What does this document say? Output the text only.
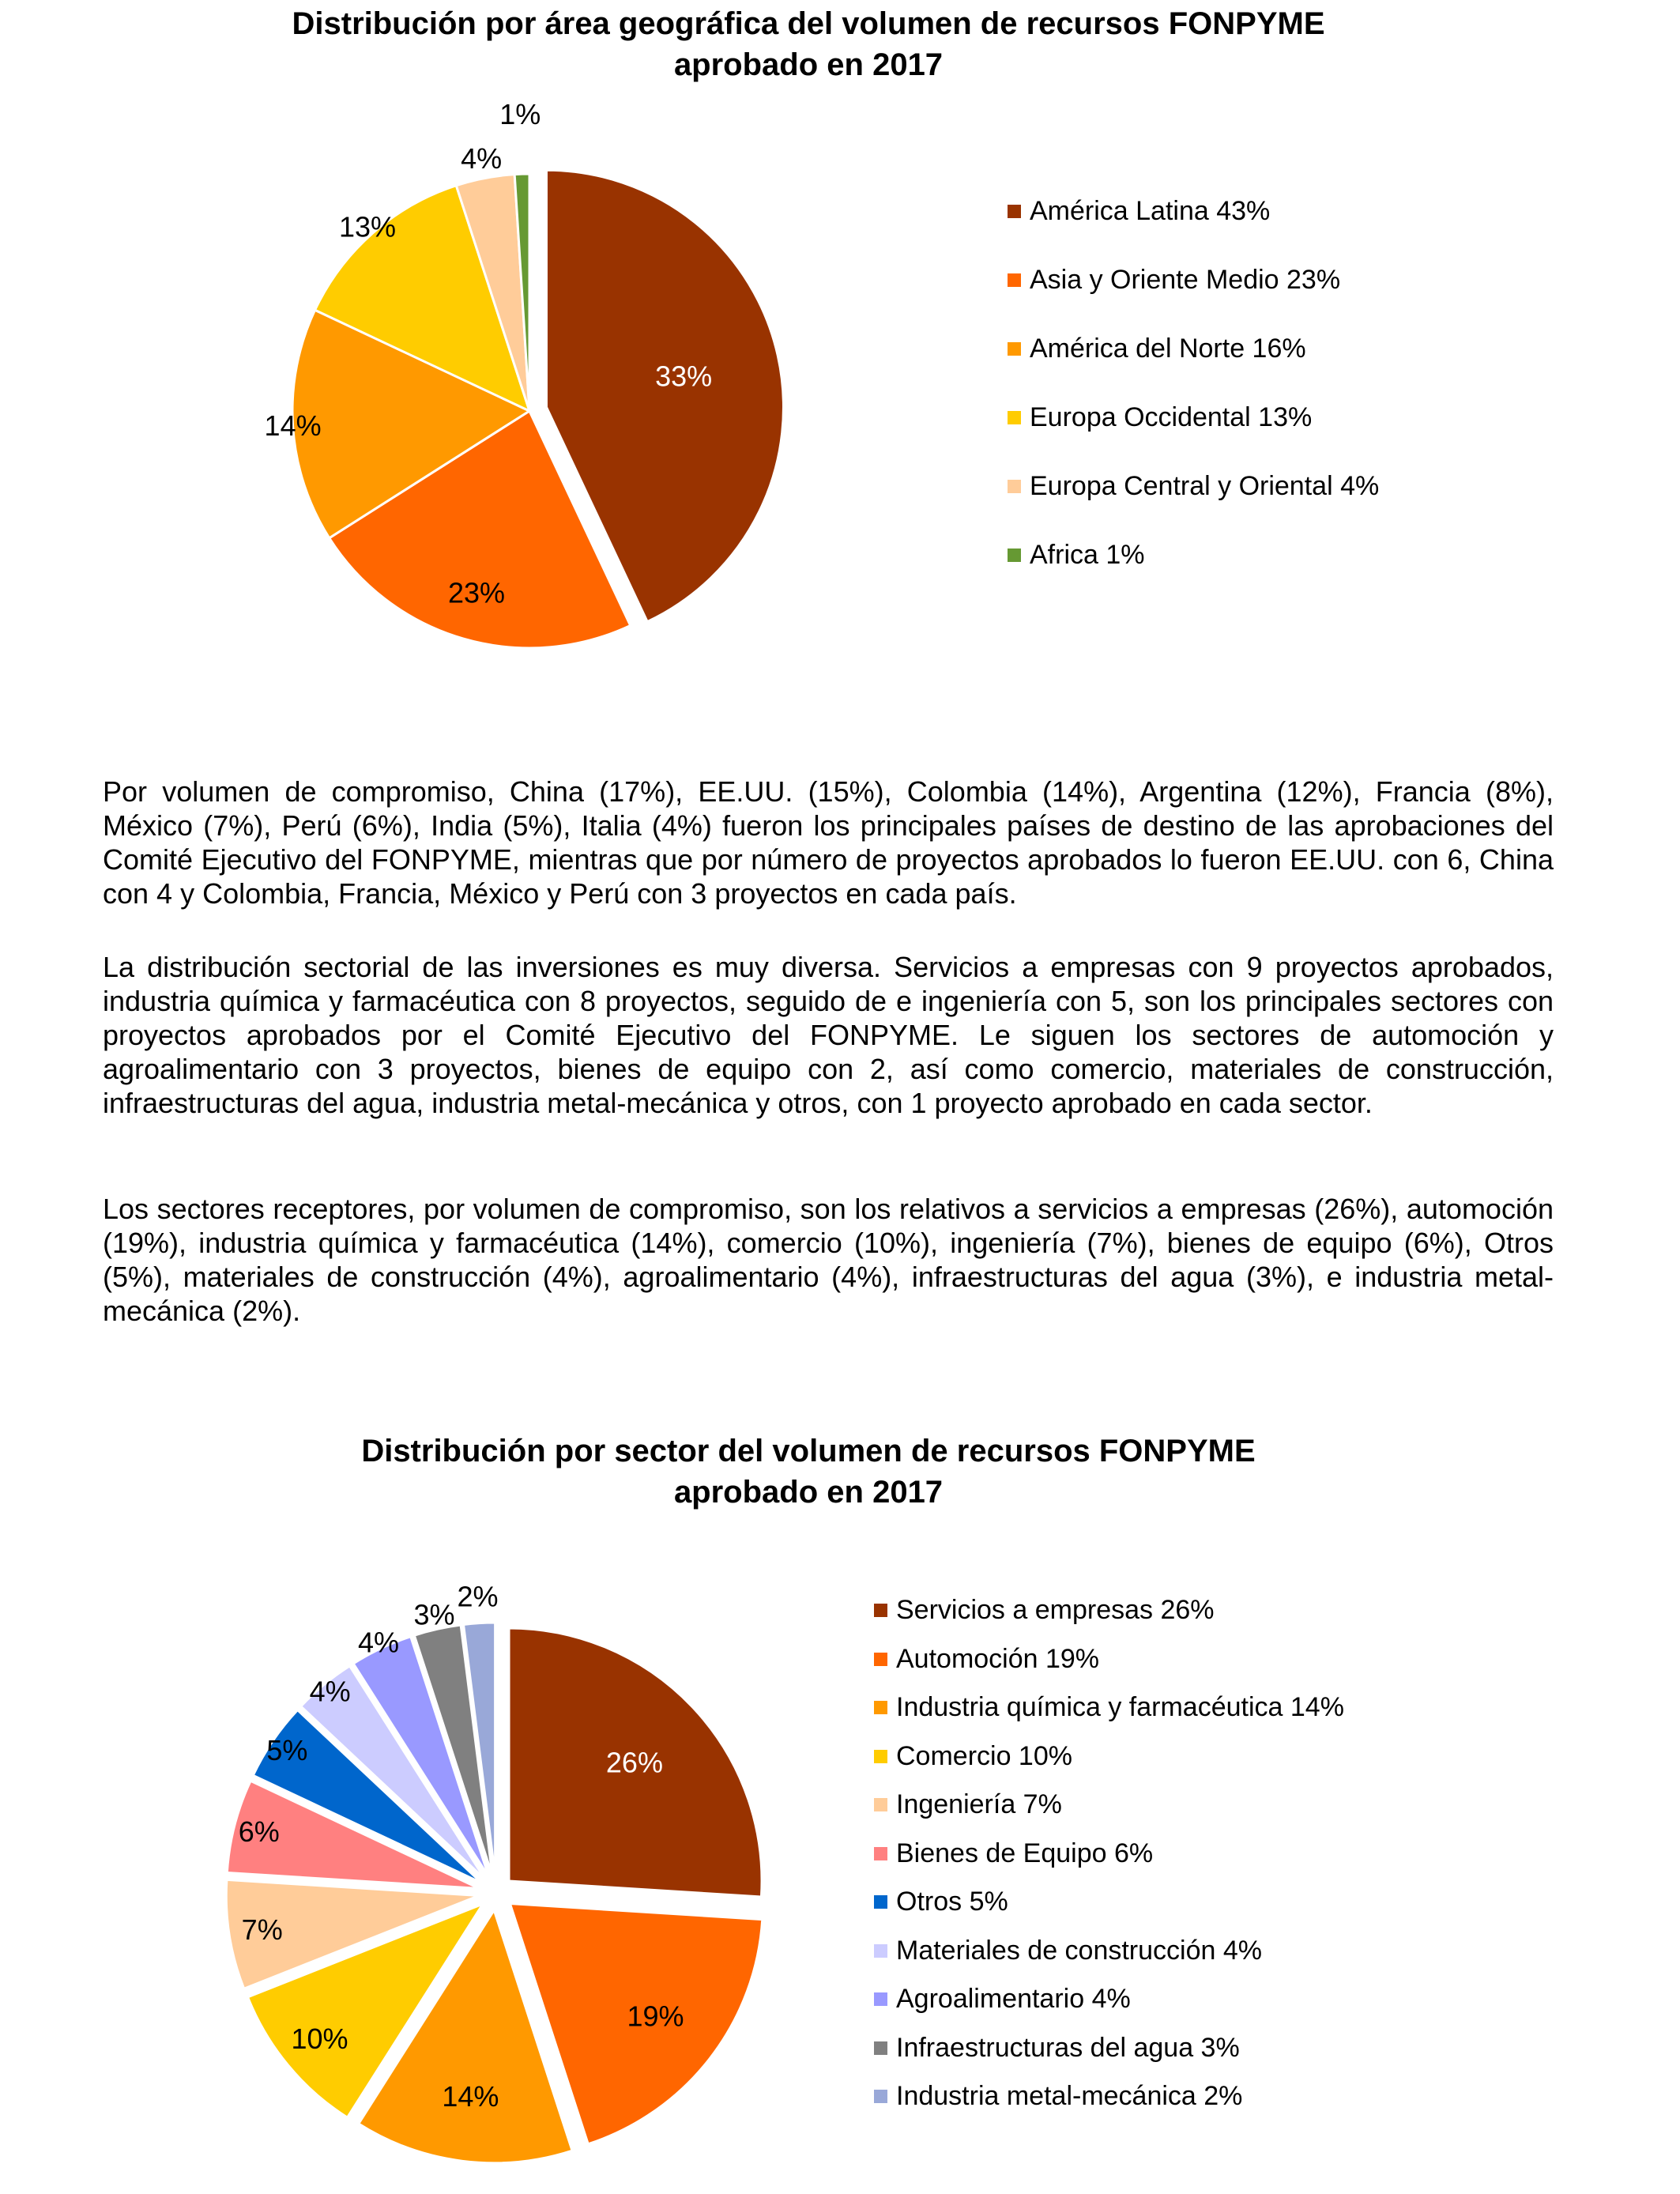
Distribución por área geográfica del volumen de recursos FONPYME
aprobado en 2017
33%
23%
14%
13%
4%
1%
América Latina 43%
Asia y Oriente Medio 23%
América del Norte 16%
Europa Occidental 13%
Europa Central y Oriental 4%
Africa 1%
Por volumen de compromiso, China (17%), EE.UU. (15%), Colombia (14%), Argentina (12%), Francia (8%), México (7%), Perú (6%), India (5%), Italia (4%) fueron los principales países de destino de las aprobaciones del Comité Ejecutivo del FONPYME, mientras que por número de proyectos aprobados lo fueron EE.UU. con 6, China con 4 y Colombia, Francia, México y Perú con 3 proyectos en cada país.
La distribución sectorial de las inversiones es muy diversa. Servicios a empresas con 9 proyectos aprobados, industria química y farmacéutica con 8 proyectos, seguido de e ingeniería con 5, son los principales sectores con proyectos aprobados por el Comité Ejecutivo del FONPYME. Le siguen los sectores de automoción y agroalimentario con 3 proyectos, bienes de equipo con 2, así como comercio, materiales de construcción, infraestructuras del agua, industria metal-mecánica y otros, con 1 proyecto aprobado en cada sector.
Los sectores receptores, por volumen de compromiso, son los relativos a servicios a empresas (26%), automoción (19%), industria química y farmacéutica (14%), comercio (10%), ingeniería (7%), bienes de equipo (6%), Otros (5%), materiales de construcción (4%), agroalimentario (4%), infraestructuras del agua (3%), e industria metal-mecánica (2%).
Distribución por sector del volumen de recursos FONPYME
aprobado en 2017
26%
19%
14%
10%
7%
6%
5%
4%
4%
3%
2%	Servicios a empresas 26%
Automoción 19%
Industria química y farmacéutica 14%
Comercio 10%
Ingeniería 7%
Bienes de Equipo 6%
Otros 5%
Materiales de construcción 4%
Agroalimentario 4%
Infraestructuras del agua 3%
Industria metal-mecánica 2%
